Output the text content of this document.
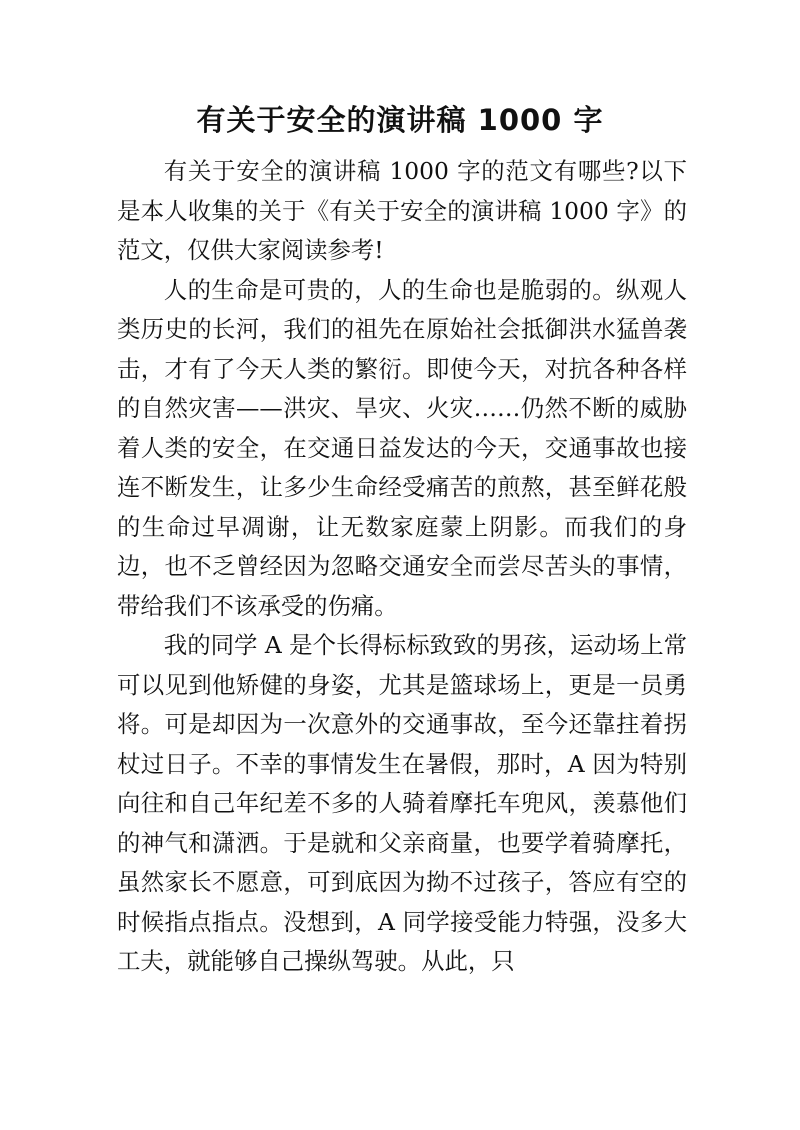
有关于安全的演讲稿 1000 字

有关于安全的演讲稿 1000 字的范文有哪些?以下是本人收集的关于《有关于安全的演讲稿 1000 字》的范文，仅供大家阅读参考!

人的生命是可贵的，人的生命也是脆弱的。纵观人类历史的长河，我们的祖先在原始社会抵御洪水猛兽袭击，才有了今天人类的繁衍。即使今天，对抗各种各样的自然灾害——洪灾、旱灾、火灾……仍然不断的威胁着人类的安全，在交通日益发达的今天，交通事故也接连不断发生，让多少生命经受痛苦的煎熬，甚至鲜花般的生命过早凋谢，让无数家庭蒙上阴影。而我们的身边，也不乏曾经因为忽略交通安全而尝尽苦头的事情，带给我们不该承受的伤痛。

我的同学 A 是个长得标标致致的男孩，运动场上常可以见到他矫健的身姿，尤其是篮球场上，更是一员勇将。可是却因为一次意外的交通事故，至今还靠拄着拐杖过日子。不幸的事情发生在暑假，那时，A 因为特别向往和自己年纪差不多的人骑着摩托车兜风，羡慕他们的神气和潇洒。于是就和父亲商量，也要学着骑摩托，虽然家长不愿意，可到底因为拗不过孩子，答应有空的时候指点指点。没想到，A 同学接受能力特强，没多大工夫，就能够自己操纵驾驶。从此，只
